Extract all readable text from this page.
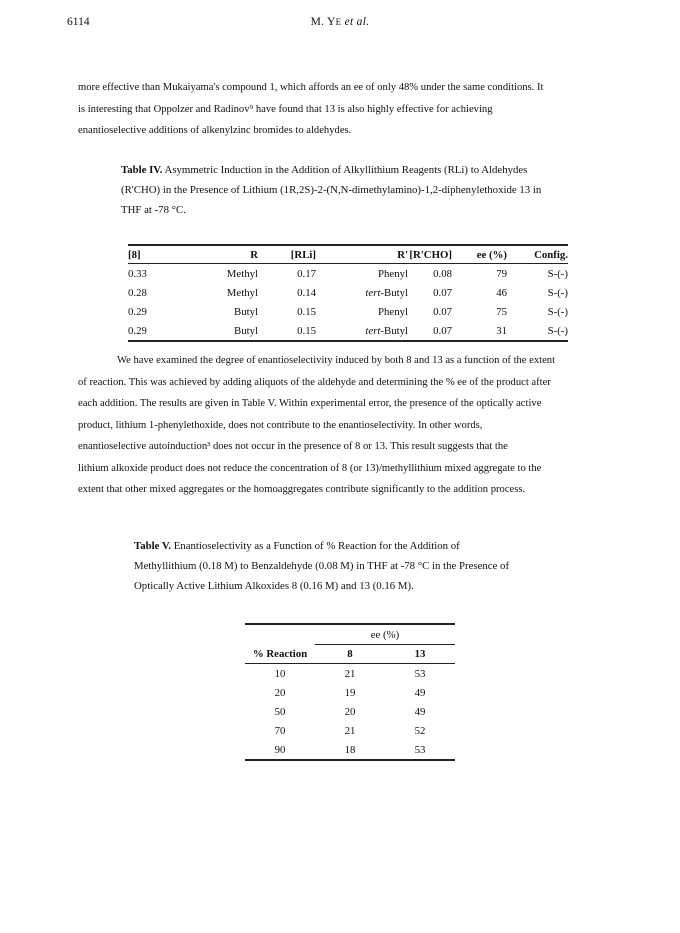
6114	M. YE et al.
more effective than Mukaiyama's compound 1, which affords an ee of only 48% under the same conditions. It
is interesting that Oppolzer and Radinov⁹ have found that 13 is also highly effective for achieving
enantioselective additions of alkenylzinc bromides to aldehydes.
Table IV. Asymmetric Induction in the Addition of Alkyllithium Reagents (RLi) to Aldehydes
(R'CHO) in the Presence of Lithium (1R,2S)-2-(N,N-dimethylamino)-1,2-diphenylethoxide 13 in
THF at -78 °C.
[8]	R	[RLi]	R'	[R'CHO]	ee (%)	Config.
0.33	Methyl	0.17	Phenyl	0.08	79	S-(-)
0.28	Methyl	0.14	tert-Butyl	0.07	46	S-(-)
0.29	Butyl	0.15	Phenyl	0.07	75	S-(-)
0.29	Butyl	0.15	tert-Butyl	0.07	31	S-(-)
We have examined the degree of enantioselectivity induced by both 8 and 13 as a function of the extent
of reaction. This was achieved by adding aliquots of the aldehyde and determining the % ee of the product after
each addition. The results are given in Table V. Within experimental error, the presence of the optically active
product, lithium 1-phenylethoxide, does not contribute to the enantioselectivity. In other words,
enantioselective autoinduction³ does not occur in the presence of 8 or 13. This result suggests that the
lithium alkoxide product does not reduce the concentration of 8 (or 13)/methyllithium mixed aggregate to the
extent that other mixed aggregates or the homoaggregates contribute significantly to the addition process.
Table V. Enantioselectivity as a Function of % Reaction for the Addition of
Methyllithium (0.18 M) to Benzaldehyde (0.08 M) in THF at -78 °C in the Presence of
Optically Active Lithium Alkoxides 8 (0.16 M) and 13 (0.16 M).
	ee (%)	
% Reaction	8	13
10	21	53
20	19	49
50	20	49
70	21	52
90	18	53
